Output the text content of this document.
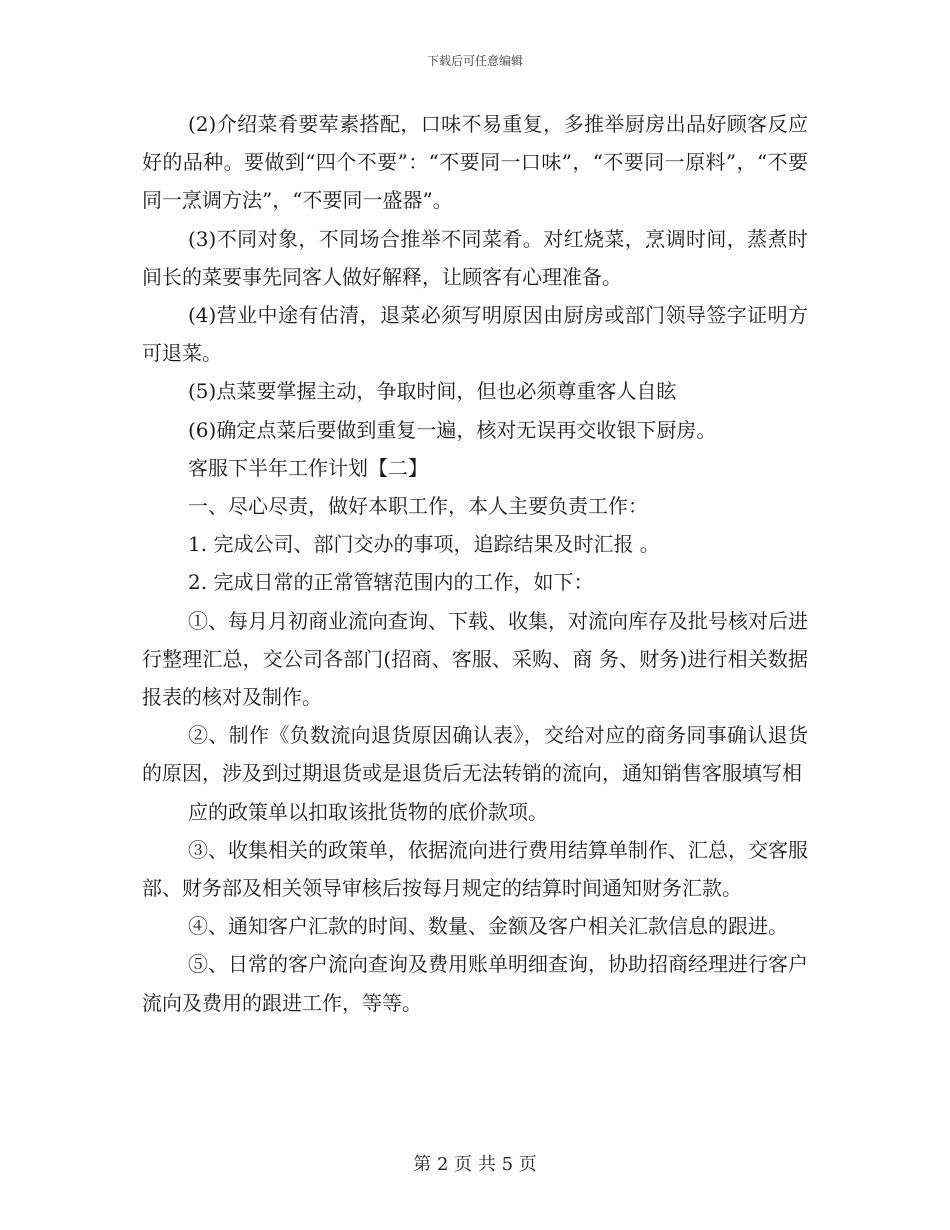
下载后可任意编辑

(2)介绍菜肴要荤素搭配，口味不易重复，多推举厨房出品好顾客反应好的品种。要做到“四个不要”：“不要同一口味”，“不要同一原料”，“不要同一烹调方法”，“不要同一盛器”。

(3)不同对象，不同场合推举不同菜肴。对红烧菜，烹调时间，蒸煮时间长的菜要事先同客人做好解释，让顾客有心理准备。

(4)营业中途有估清，退菜必须写明原因由厨房或部门领导签字证明方可退菜。

(5)点菜要掌握主动，争取时间，但也必须尊重客人自眩

(6)确定点菜后要做到重复一遍，核对无误再交收银下厨房。

客服下半年工作计划【二】

一、尽心尽责，做好本职工作，本人主要负责工作：

1. 完成公司、部门交办的事项，追踪结果及时汇报 。

2. 完成日常的正常管辖范围内的工作，如下：

①、每月月初商业流向查询、下载、收集，对流向库存及批号核对后进行整理汇总，交公司各部门(招商、客服、采购、商 务、财务)进行相关数据报表的核对及制作。

②、制作《负数流向退货原因确认表》，交给对应的商务同事确认退货的原因，涉及到过期退货或是退货后无法转销的流向，通知销售客服填写相

应的政策单以扣取该批货物的底价款项。

③、收集相关的政策单，依据流向进行费用结算单制作、汇总，交客服部、财务部及相关领导审核后按每月规定的结算时间通知财务汇款。

④、通知客户汇款的时间、数量、金额及客户相关汇款信息的跟进。

⑤、日常的客户流向查询及费用账单明细查询，协助招商经理进行客户流向及费用的跟进工作，等等。

第 2 页 共 5 页
